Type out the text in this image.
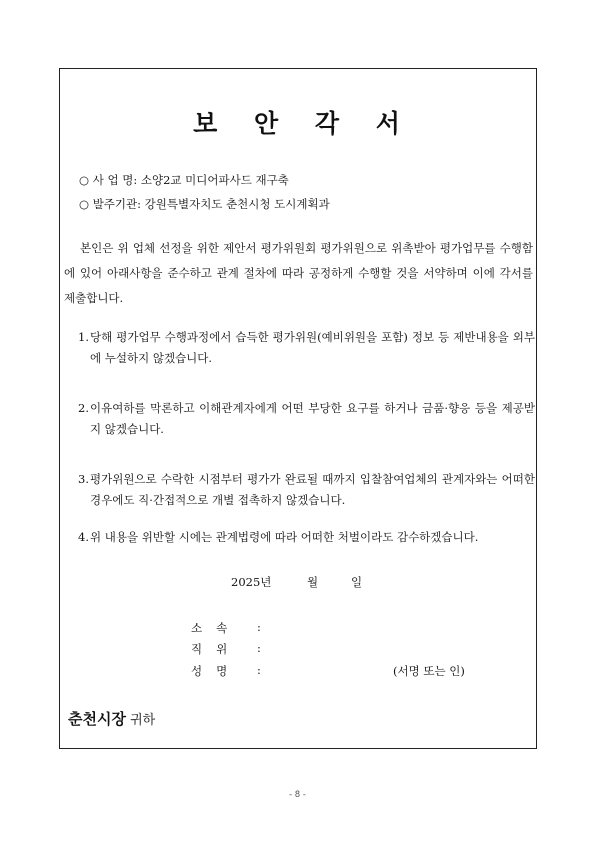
보 안 각 서
○ 사 업 명: 소양2교 미디어파사드 재구축
○ 발주기관: 강원특별자치도 춘천시청 도시계획과
본인은 위 업체 선정을 위한 제안서 평가위원회 평가위원으로 위촉받아 평가업무를 수행함에 있어 아래사항을 준수하고 관계 절차에 따라 공정하게 수행할 것을 서약하며 이에 각서를 제출합니다.
1. 당해 평가업무 수행과정에서 습득한 평가위원(예비위원을 포함) 정보 등 제반내용을 외부에 누설하지 않겠습니다.
2. 이유여하를 막론하고 이해관계자에게 어떤 부당한 요구를 하거나 금품·향응 등을 제공받지 않겠습니다.
3. 평가위원으로 수락한 시점부터 평가가 완료될 때까지 입찰참여업체의 관계자와는 어떠한 경우에도 직·간접적으로 개별 접촉하지 않겠습니다.
4. 위 내용을 위반할 시에는 관계법령에 따라 어떠한 처벌이라도 감수하겠습니다.
2025년	월	일
소속 :
직위 :
성명 :	(서명 또는 인)
춘천시장 귀하
- 8 -
